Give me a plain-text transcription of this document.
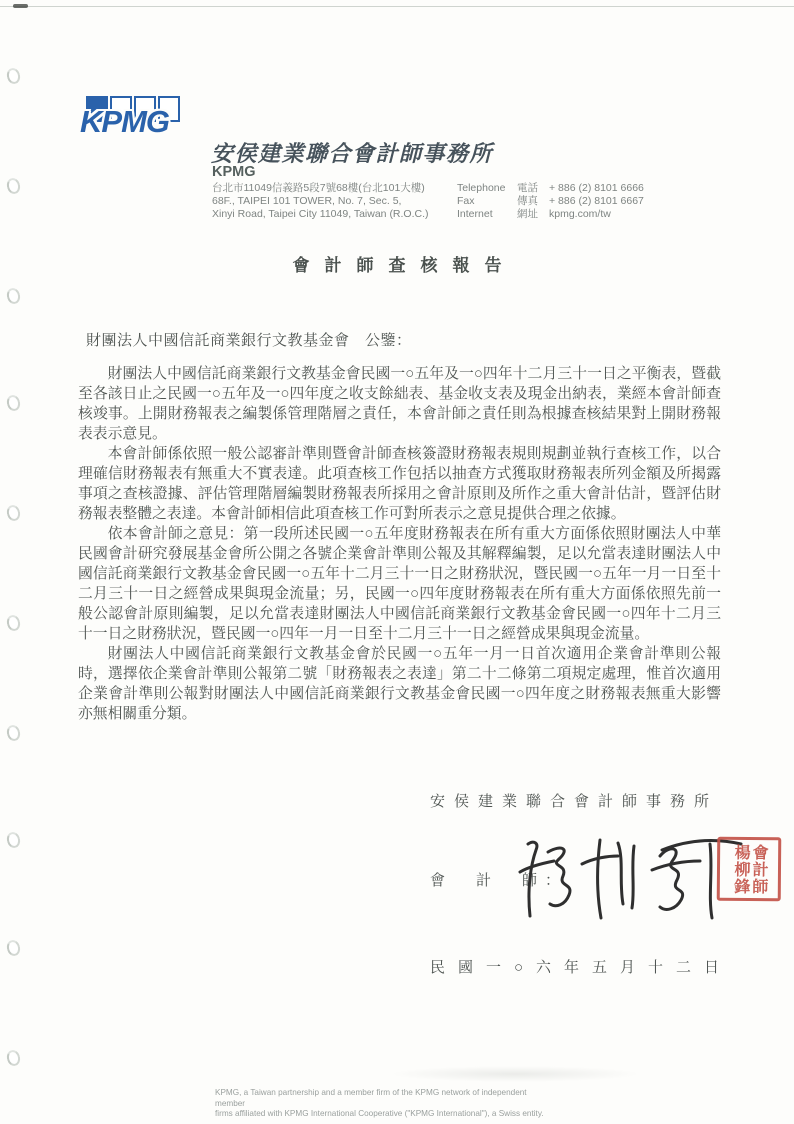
KPMG
安侯建業聯合會計師事務所
KPMG
台北市11049信義路5段7號68樓(台北101大樓)
68F., TAIPEI 101 TOWER, No. 7, Sec. 5,
Xinyi Road, Taipei City 11049, Taiwan (R.O.C.)
Telephone	電話	+ 886 (2) 8101 6666
Fax	傳真	+ 886 (2) 8101 6667
Internet	網址	kpmg.com/tw
會計師查核報告
財團法人中國信託商業銀行文教基金會　公鑒：

財團法人中國信託商業銀行文教基金會民國一○五年及一○四年十二月三十一日之平衡表，暨截至各該日止之民國一○五年及一○四年度之收支餘絀表、基金收支表及現金出納表，業經本會計師查核竣事。上開財務報表之編製係管理階層之責任，本會計師之責任則為根據查核結果對上開財務報表表示意見。

本會計師係依照一般公認審計準則暨會計師查核簽證財務報表規則規劃並執行查核工作，以合理確信財務報表有無重大不實表達。此項查核工作包括以抽查方式獲取財務報表所列金額及所揭露事項之查核證據、評估管理階層編製財務報表所採用之會計原則及所作之重大會計估計，暨評估財務報表整體之表達。本會計師相信此項查核工作可對所表示之意見提供合理之依據。

依本會計師之意見：第一段所述民國一○五年度財務報表在所有重大方面係依照財團法人中華民國會計研究發展基金會所公開之各號企業會計準則公報及其解釋編製，足以允當表達財團法人中國信託商業銀行文教基金會民國一○五年十二月三十一日之財務狀況，暨民國一○五年一月一日至十二月三十一日之經營成果與現金流量；另，民國一○四年度財務報表在所有重大方面係依照先前一般公認會計原則編製，足以允當表達財團法人中國信託商業銀行文教基金會民國一○四年十二月三十一日之財務狀況，暨民國一○四年一月一日至十二月三十一日之經營成果與現金流量。

財團法人中國信託商業銀行文教基金會於民國一○五年一月一日首次適用企業會計準則公報時，選擇依企業會計準則公報第二號「財務報表之表達」第二十二條第二項規定處理，惟首次適用企業會計準則公報對財團法人中國信託商業銀行文教基金會民國一○四年度之財務報表無重大影響亦無相關重分類。

安侯建業聯合會計師事務所
會　計　師：	楊柳鋒 會計師
民國一○六年五月十二日
KPMG, a Taiwan partnership and a member firm of the KPMG network of independent member
firms affiliated with KPMG International Cooperative ("KPMG International"), a Swiss entity.
